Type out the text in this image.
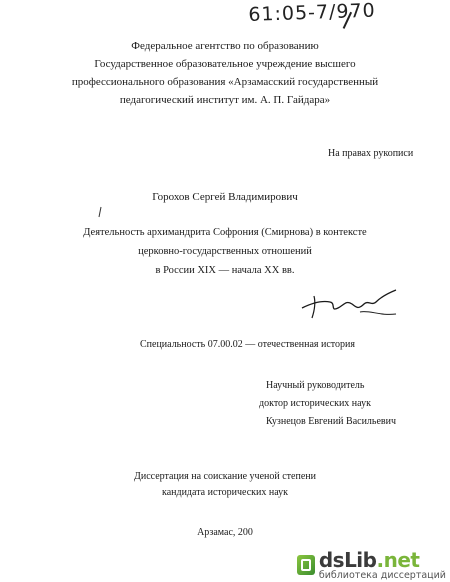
61:05-7/970
Федеральное агентство по образованию
Государственное образовательное учреждение высшего
профессионального образования «Арзамасский государственный
педагогический институт им. А. П. Гайдара»
На правах рукописи
Горохов Сергей Владимирович
Деятельность архимандрита Софрония (Смирнова) в контексте
церковно-государственных отношений
в России XIX — начала XX вв.
Специальность 07.00.02 — отечественная история
Научный руководитель
доктор исторических наук
Кузнецов Евгений Васильевич
Диссертация на соискание ученой степени
кандидата исторических наук
Арзамас, 200
dsLib.net
библиотека диссертаций
